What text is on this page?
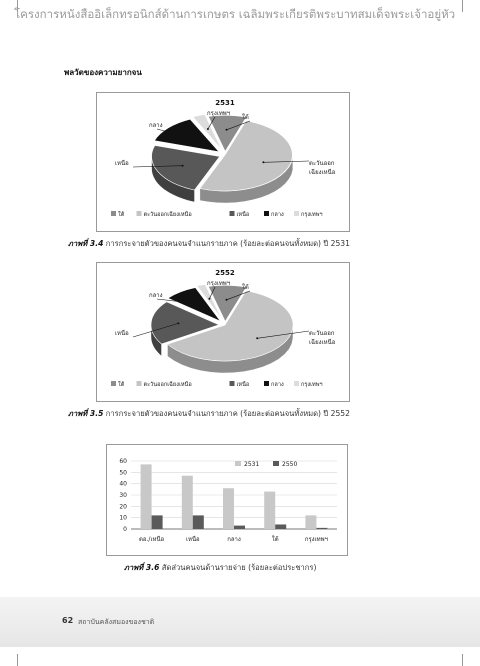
โครงการหนังสืออิเล็กทรอนิกส์ด้านการเกษตร เฉลิมพระเกียรติพระบาทสมเด็จพระเจ้าอยู่หัว
พลวัตของความยากจน
2531
ใต้
ตะวันออก
เฉียงเหนือ
เหนือ
กลาง
กรุงเทพฯ
ใต้	ตะวันออกเฉียงเหนือ	เหนือ	กลาง	กรุงเทพฯ
ภาพที่ 3.4 การกระจายตัวของคนจนจำแนกรายภาค (ร้อยละต่อคนจนทั้งหมด) ปี 2531
2552
ใต้
ตะวันออก
เฉียงเหนือ
เหนือ
กลาง
กรุงเทพฯ
ใต้	ตะวันออกเฉียงเหนือ	เหนือ	กลาง	กรุงเทพฯ
ภาพที่ 3.5 การกระจายตัวของคนจนจำแนกรายภาค (ร้อยละต่อคนจนทั้งหมด) ปี 2552
0
10
20
30
40
50
60
ตอ./เหนือ	เหนือ	กลาง	ใต้	กรุงเทพฯ
2531	2550
ภาพที่ 3.6 สัดส่วนคนจนด้านรายจ่าย (ร้อยละต่อประชากร)
62 สถาบันคลังสมองของชาติ
